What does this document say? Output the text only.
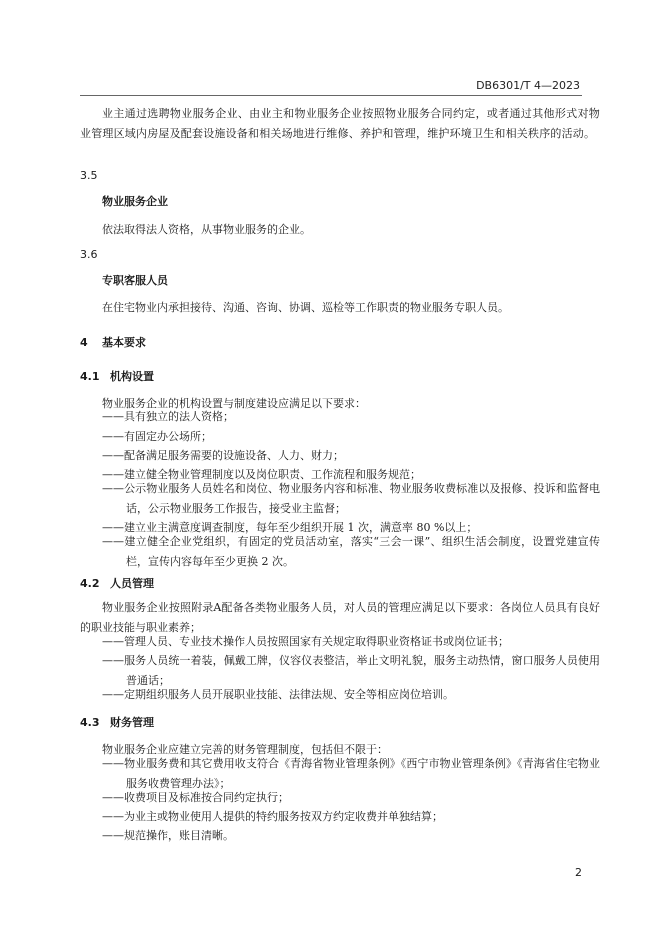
DB6301/T 4—2023
业主通过选聘物业服务企业、由业主和物业服务企业按照物业服务合同约定，或者通过其他形式对物业管理区域内房屋及配套设施设备和相关场地进行维修、养护和管理，维护环境卫生和相关秩序的活动。
3.5
物业服务企业
依法取得法人资格，从事物业服务的企业。
3.6
专职客服人员
在住宅物业内承担接待、沟通、咨询、协调、巡检等工作职责的物业服务专职人员。
4 基本要求
4.1 机构设置
物业服务企业的机构设置与制度建设应满足以下要求：
——具有独立的法人资格；
——有固定办公场所；
——配备满足服务需要的设施设备、人力、财力；
——建立健全物业管理制度以及岗位职责、工作流程和服务规范；
——公示物业服务人员姓名和岗位、物业服务内容和标准、物业服务收费标准以及报修、投诉和监督电话，公示物业服务工作报告，接受业主监督；
——建立业主满意度调查制度，每年至少组织开展 1 次，满意率 80 %以上；
——建立健全企业党组织，有固定的党员活动室，落实“三会一课”、组织生活会制度，设置党建宣传栏，宣传内容每年至少更换 2 次。
4.2 人员管理
物业服务企业按照附录A配备各类物业服务人员，对人员的管理应满足以下要求：各岗位人员具有良好的职业技能与职业素养；
——管理人员、专业技术操作人员按照国家有关规定取得职业资格证书或岗位证书；
——服务人员统一着装，佩戴工牌，仪容仪表整洁，举止文明礼貌，服务主动热情，窗口服务人员使用普通话；
——定期组织服务人员开展职业技能、法律法规、安全等相应岗位培训。
4.3 财务管理
物业服务企业应建立完善的财务管理制度，包括但不限于：
——物业服务费和其它费用收支符合《青海省物业管理条例》《西宁市物业管理条例》《青海省住宅物业服务收费管理办法》；
——收费项目及标准按合同约定执行；
——为业主或物业使用人提供的特约服务按双方约定收费并单独结算；
——规范操作，账目清晰。
2
